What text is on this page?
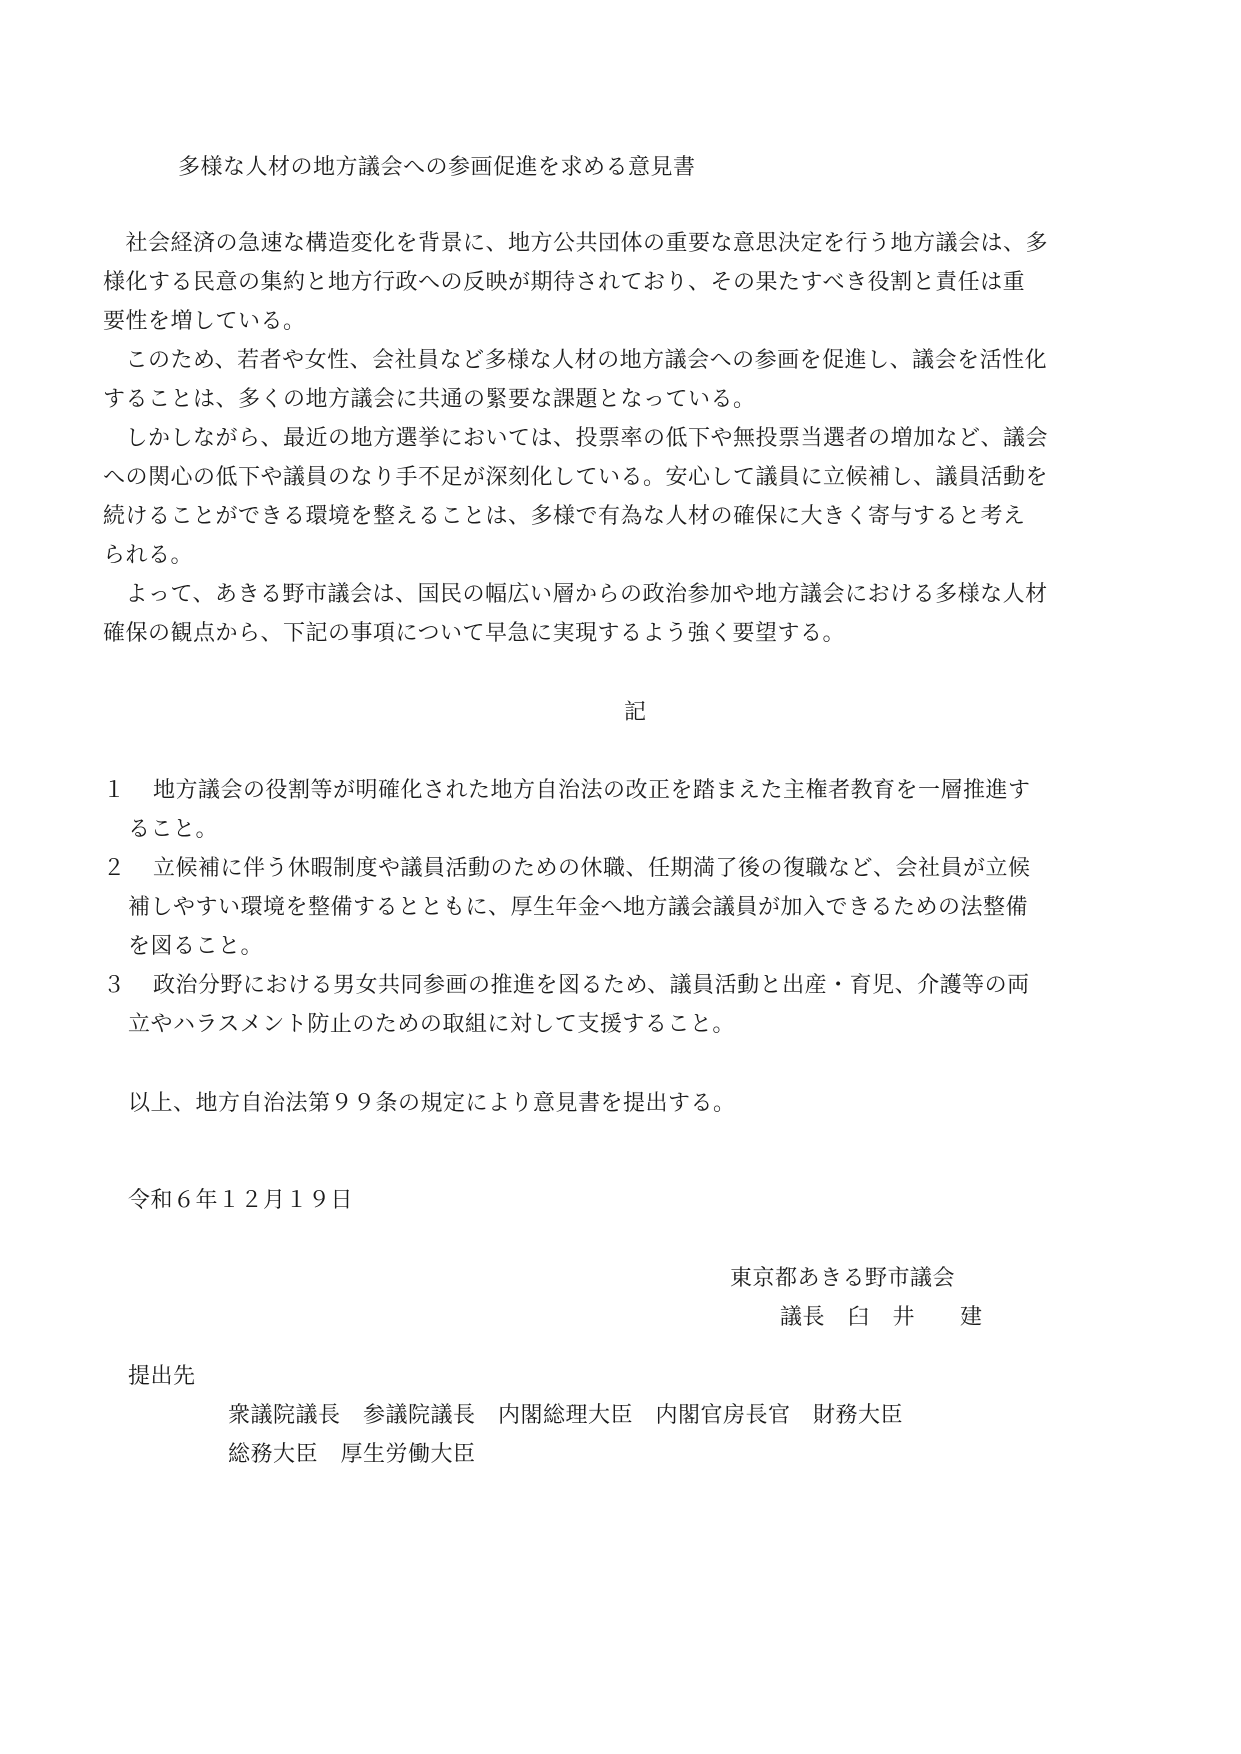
多様な人材の地方議会への参画促進を求める意見書
　社会経済の急速な構造変化を背景に、地方公共団体の重要な意思決定を行う地方議会は、多
様化する民意の集約と地方行政への反映が期待されており、その果たすべき役割と責任は重
要性を増している。
　このため、若者や女性、会社員など多様な人材の地方議会への参画を促進し、議会を活性化
することは、多くの地方議会に共通の緊要な課題となっている。
　しかしながら、最近の地方選挙においては、投票率の低下や無投票当選者の増加など、議会
への関心の低下や議員のなり手不足が深刻化している。安心して議員に立候補し、議員活動を
続けることができる環境を整えることは、多様で有為な人材の確保に大きく寄与すると考え
られる。
　よって、あきる野市議会は、国民の幅広い層からの政治参加や地方議会における多様な人材
確保の観点から、下記の事項について早急に実現するよう強く要望する。
記
１ 地方議会の役割等が明確化された地方自治法の改正を踏まえた主権者教育を一層推進す
ること。
２ 立候補に伴う休暇制度や議員活動のための休職、任期満了後の復職など、会社員が立候
補しやすい環境を整備するとともに、厚生年金へ地方議会議員が加入できるための法整備
を図ること。
３ 政治分野における男女共同参画の推進を図るため、議員活動と出産・育児、介護等の両
立やハラスメント防止のための取組に対して支援すること。
以上、地方自治法第９９条の規定により意見書を提出する。
令和６年１２月１９日
東京都あきる野市議会
議長　臼　井　　建
提出先
衆議院議長　参議院議長　内閣総理大臣　内閣官房長官　財務大臣
総務大臣　厚生労働大臣
